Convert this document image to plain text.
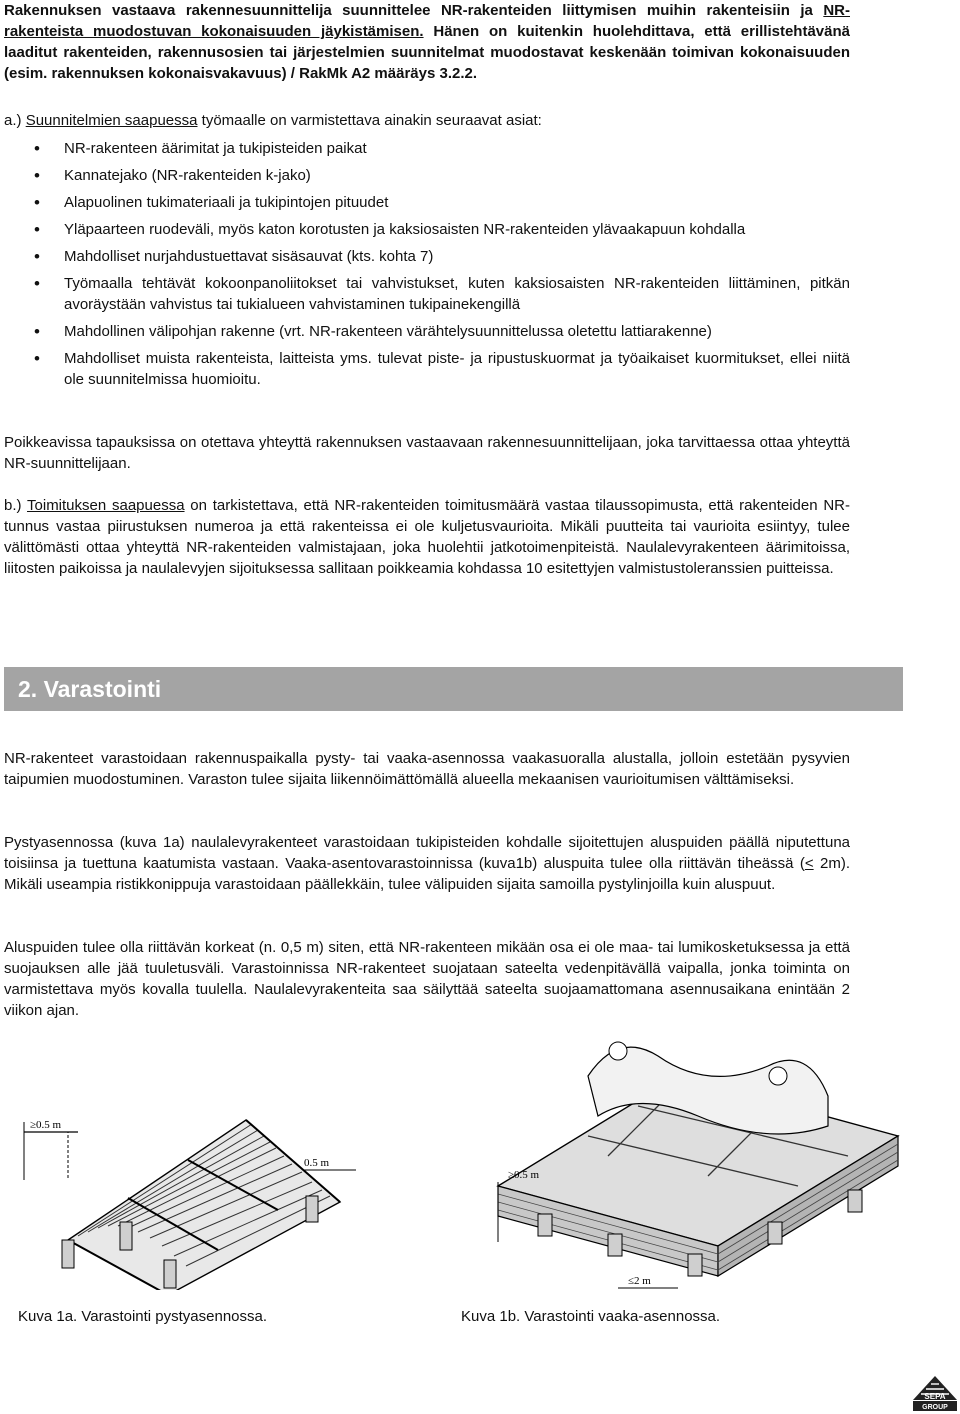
Rakennuksen vastaava rakennesuunnittelija suunnittelee NR-rakenteiden liittymisen muihin rakenteisiin ja NR-rakenteista muodostuvan kokonaisuuden jäykistämisen. Hänen on kuitenkin huolehdittava, että erillistehtävänä laaditut rakenteiden, rakennusosien tai järjestelmien suunnitelmat muodostavat keskenään toimivan kokonaisuuden (esim. rakennuksen kokonaisvakavuus) / RakMk A2 määräys 3.2.2.

a.) Suunnitelmien saapuessa työmaalle on varmistettava ainakin seuraavat asiat:

• NR-rakenteen äärimitat ja tukipisteiden paikat
• Kannatejako (NR-rakenteiden k-jako)
• Alapuolinen tukimateriaali ja tukipintojen pituudet
• Yläpaarteen ruodeväli, myös katon korotusten ja kaksiosaisten NR-rakenteiden ylävaakapuun kohdalla
• Mahdolliset nurjahdustuettavat sisäsauvat (kts. kohta 7)
• Työmaalla tehtävät kokoonpanoliitokset tai vahvistukset, kuten kaksiosaisten NR-rakenteiden liittäminen, pitkän avoräystään vahvistus tai tukialueen vahvistaminen tukipainekengillä
• Mahdollinen välipohjan rakenne (vrt. NR-rakenteen värähtelysuunnittelussa oletettu lattiarakenne)
• Mahdolliset muista rakenteista, laitteista yms. tulevat piste- ja ripustuskuormat ja työaikaiset kuormitukset, ellei niitä ole suunnitelmissa huomioitu.

Poikkeavissa tapauksissa on otettava yhteyttä rakennuksen vastaavaan rakennesuunnittelijaan, joka tarvittaessa ottaa yhteyttä NR-suunnittelijaan.

b.) Toimituksen saapuessa on tarkistettava, että NR-rakenteiden toimitusmäärä vastaa tilaussopimusta, että rakenteiden NR-tunnus vastaa piirustuksen numeroa ja että rakenteissa ei ole kuljetusvaurioita. Mikäli puutteita tai vaurioita esiintyy, tulee välittömästi ottaa yhteyttä NR-rakenteiden valmistajaan, joka huolehtii jatkotoimenpiteistä. Naulalevyrakenteen äärimitoissa, liitosten paikoissa ja naulalevyjen sijoituksessa sallitaan poikkeamia kohdassa 10 esitettyjen valmistustoleranssien puitteissa.

2. Varastointi

NR-rakenteet varastoidaan rakennuspaikalla pysty- tai vaaka-asennossa vaakasuoralla alustalla, jolloin estetään pysyvien taipumien muodostuminen. Varaston tulee sijaita liikennöimättömällä alueella mekaanisen vaurioitumisen välttämiseksi.

Pystyasennossa (kuva 1a) naulalevyrakenteet varastoidaan tukipisteiden kohdalle sijoitettujen aluspuiden päällä niputettuna toisiinsa ja tuettuna kaatumista vastaan. Vaaka-asentovarastoinnissa (kuva1b) aluspuita tulee olla riittävän tiheässä (< 2m). Mikäli useampia ristikkonippuja varastoidaan päällekkäin, tulee välipuiden sijaita samoilla pystylinjoilla kuin aluspuut.

Aluspuiden tulee olla riittävän korkeat (n. 0,5 m) siten, että NR-rakenteen mikään osa ei ole maa- tai lumikosketuksessa ja että suojauksen alle jää tuuletusväli. Varastoinnissa NR-rakenteet suojataan sateelta vedenpitävällä vaipalla, jonka toiminta on varmistettava myös kovalla tuulella. Naulalevyrakenteita saa säilyttää sateelta suojaamattomana asennusaikana enintään 2 viikon ajan.

≥0.5 m
0.5 m
≥0.5 m
≤2 m
Kuva 1a. Varastointi pystyasennossa.	Kuva 1b. Varastointi vaaka-asennossa.
SEPA
GROUP
